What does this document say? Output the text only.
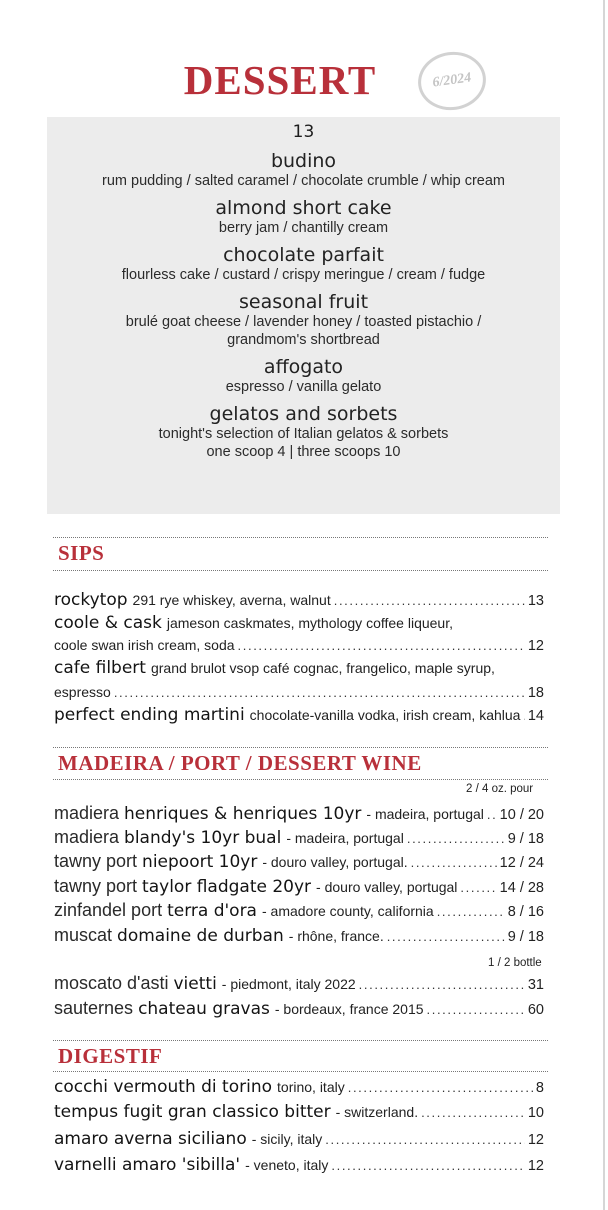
DESSERT	6/2024
13
budino
rum pudding / salted caramel / chocolate crumble / whip cream
almond short cake
berry jam / chantilly cream
chocolate parfait
flourless cake / custard / crispy meringue / cream / fudge
seasonal fruit
brulé goat cheese / lavender honey / toasted pistachio /
grandmom's shortbread
affogato
espresso / vanilla gelato
gelatos and sorbets
tonight's selection of Italian gelatos & sorbets
one scoop 4 | three scoops 10
SIPS
rockytop 291 rye whiskey, averna, walnut . . .	13
coole & cask jameson caskmates, mythology coffee liqueur,
coole swan irish cream, soda . . .	12
cafe filbert grand brulot vsop café cognac, frangelico, maple syrup,
espresso . . .	18
perfect ending martini chocolate-vanilla vodka, irish cream, kahlua . . . 14
MADEIRA / PORT / DESSERT WINE
2 / 4 oz. pour
madiera henriques & henriques 10yr - madeira, portugal . . . 10 / 20
madiera blandy's 10yr bual - madeira, portugal . . .	9 / 18
tawny port niepoort 10yr - douro valley, portugal. . . .	12 / 24
tawny port taylor fladgate 20yr - douro valley, portugal . . .	14 / 28
zinfandel port terra d'ora - amadore county, california . . .	8 / 16
muscat domaine de durban - rhône, france. . . .	9 / 18
1 / 2 bottle
moscato d'asti vietti - piedmont, italy 2022 . . .	31
sauternes chateau gravas - bordeaux, france 2015 . . .	60
DIGESTIF
cocchi vermouth di torino torino, italy . . .	8
tempus fugit gran classico bitter - switzerland. . . .	10
amaro averna siciliano - sicily, italy . . .	12
varnelli amaro 'sibilla' - veneto, italy . . .	12
